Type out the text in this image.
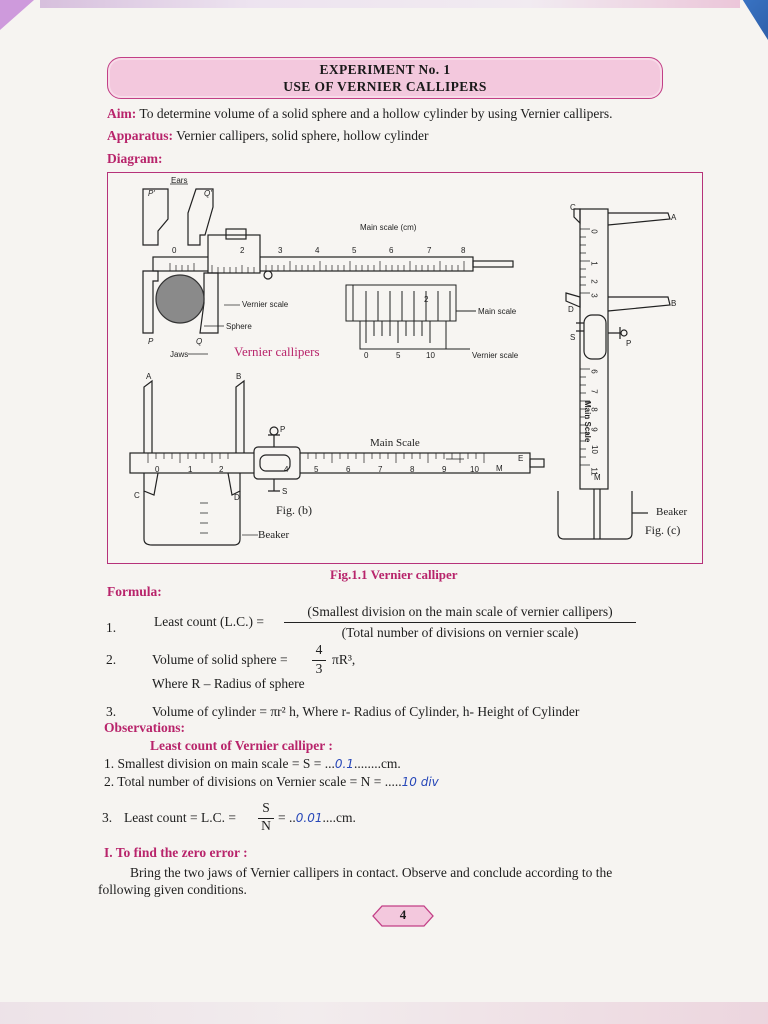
EXPERIMENT No. 1
USE OF VERNIER CALLIPERS
Aim: To determine volume of a solid sphere and a hollow cylinder by using Vernier callipers.
Apparatus: Vernier callipers, solid sphere, hollow cylinder
Diagram:
Ears
P'	Q'
Main scale (cm)
0	2	3	4	5	6	7	8
Vernier scale
Sphere
P	Q
Jaws	Vernier callipers
2
Main scale
0	5	10	Vernier scale
A	B
Main Scale
P
E
M
0	1	2	4	5	6	7	8	9	10
C	D
S
Fig. (b)
Beaker
C
A
B
D
S
P
0
1
2
3
6
7
8
9
10
11
M
Main Scale
Beaker
Fig. (c)
Fig.1.1 Vernier calliper
Formula:
1.	Least count (L.C.) =
(Smallest division on the main scale of vernier callipers)
(Total number of divisions on vernier scale)
2.	Volume of solid sphere =
4
3
πR³,
Where R – Radius of sphere
3.	Volume of cylinder = πr² h, Where r- Radius of Cylinder, h- Height of Cylinder
Observations:
Least count of Vernier calliper :
1. Smallest division on main scale = S = ...0.1........cm.
2. Total number of divisions on Vernier scale = N = .....10 div
3. Least count = L.C. =
S
N
= ..0.01....cm.
I. To find the zero error :
Bring the two jaws of Vernier callipers in contact. Observe and conclude according to the
following given conditions.
4
